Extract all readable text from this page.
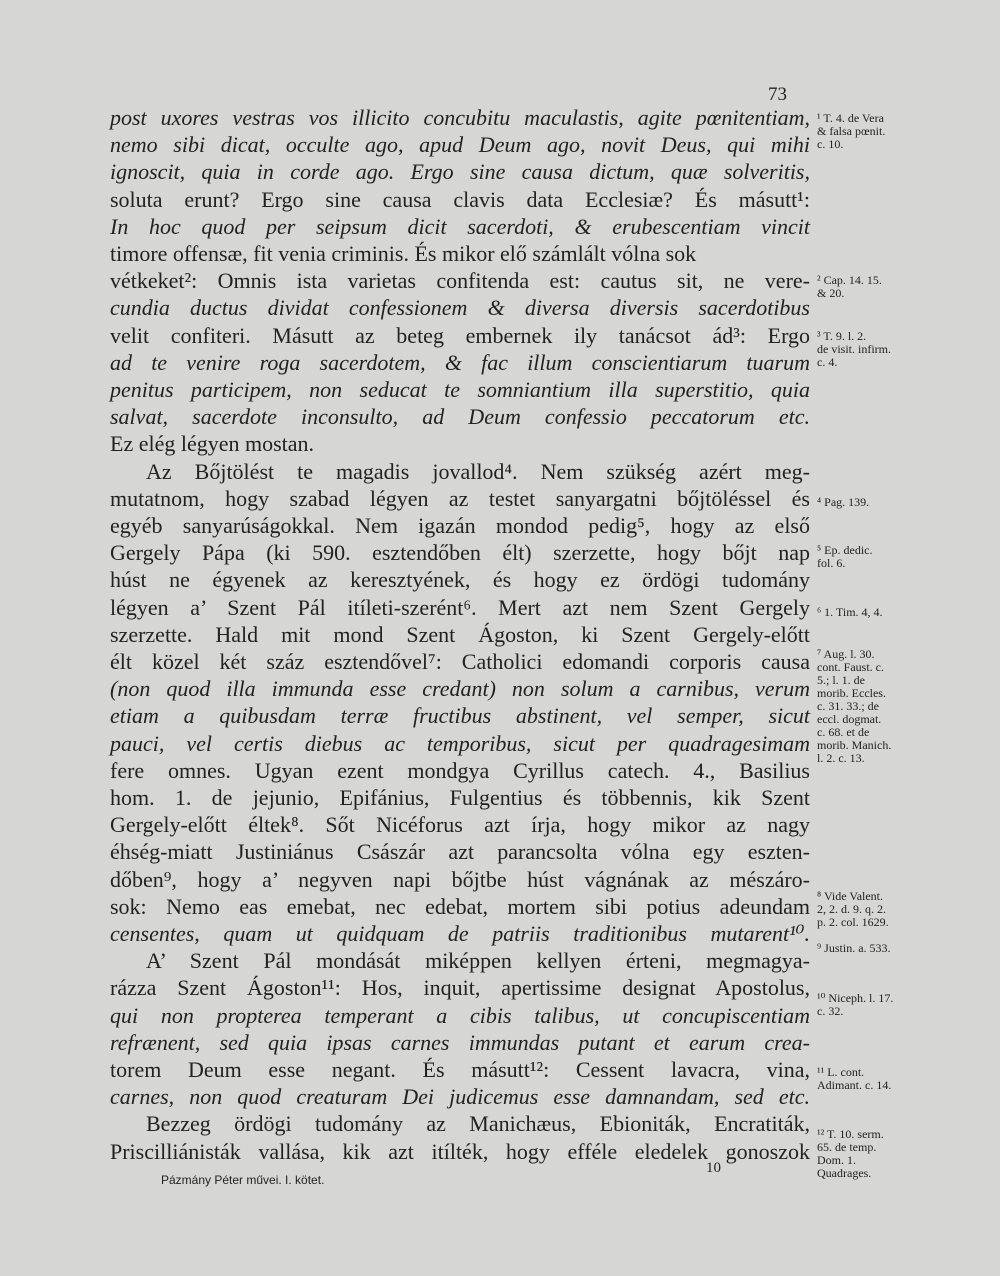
73
post uxores vestras vos illicito concubitu maculastis, agite pœnitentiam,
nemo sibi dicat, occulte ago, apud Deum ago, novit Deus, qui mihi
ignoscit, quia in corde ago. Ergo sine causa dictum, quæ solveritis,
soluta erunt? Ergo sine causa clavis data Ecclesiæ? És másutt¹:
In hoc quod per seipsum dicit sacerdoti, & erubescentiam vincit
timore offensæ, fit venia criminis. És mikor elő számlált vólna sok
vétkeket²: Omnis ista varietas confitenda est: cautus sit, ne vere-
cundia ductus dividat confessionem & diversa diversis sacerdotibus
velit confiteri. Másutt az beteg embernek ily tanácsot ád³: Ergo
ad te venire roga sacerdotem, & fac illum conscientiarum tuarum
penitus participem, non seducat te somniantium illa superstitio, quia
salvat, sacerdote inconsulto, ad Deum confessio peccatorum etc.
Ez elég légyen mostan.
Az Bőjtölést te magadis jovallod⁴. Nem szükség azért meg-
mutatnom, hogy szabad légyen az testet sanyargatni bőjtöléssel és
egyéb sanyarúságokkal. Nem igazán mondod pedig⁵, hogy az első
Gergely Pápa (ki 590. esztendőben élt) szerzette, hogy bőjt nap
húst ne égyenek az keresztyének, és hogy ez ördögi tudomány
légyen a’ Szent Pál itíleti-szerént⁶. Mert azt nem Szent Gergely
szerzette. Hald mit mond Szent Ágoston, ki Szent Gergely-előtt
élt közel két száz esztendővel⁷: Catholici edomandi corporis causa
(non quod illa immunda esse credant) non solum a carnibus, verum
etiam a quibusdam terræ fructibus abstinent, vel semper, sicut
pauci, vel certis diebus ac temporibus, sicut per quadragesimam
fere omnes. Ugyan ezent mondgya Cyrillus catech. 4., Basilius
hom. 1. de jejunio, Epifánius, Fulgentius és többennis, kik Szent
Gergely-előtt éltek⁸. Sőt Nicéforus azt írja, hogy mikor az nagy
éhség-miatt Justiniánus Császár azt parancsolta vólna egy eszten-
dőben⁹, hogy a’ negyven napi bőjtbe húst vágnának az mészáro-
sok: Nemo eas emebat, nec edebat, mortem sibi potius adeundam
censentes, quam ut quidquam de patriis traditionibus mutarent¹⁰.
A’ Szent Pál mondását miképpen kellyen érteni, megmagya-
rázza Szent Ágoston¹¹: Hos, inquit, apertissime designat Apostolus,
qui non propterea temperant a cibis talibus, ut concupiscentiam
refrænent, sed quia ipsas carnes immundas putant et earum crea-
torem Deum esse negant. És másutt¹²: Cessent lavacra, vina,
carnes, non quod creaturam Dei judicemus esse damnandam, sed etc.
Bezzeg ördögi tudomány az Manichæus, Ebioniták, Encratiták,
Priscilliánisták vallása, kik azt itílték, hogy efféle eledelek gonoszok
¹ T. 4. de Vera
& falsa pœnit.
c. 10.
² Cap. 14. 15.
& 20.
³ T. 9. l. 2.
de visit. infirm.
c. 4.
⁴ Pag. 139.
⁵ Ep. dedic.
fol. 6.
⁶ 1. Tim. 4, 4.
⁷ Aug. l. 30.
cont. Faust. c.
5.; l. 1. de
morib. Eccles.
c. 31. 33.; de
eccl. dogmat.
c. 68. et de
morib. Manich.
l. 2. c. 13.
⁸ Vide Valent.
2, 2. d. 9. q. 2.
p. 2. col. 1629.
⁹ Justin. a. 533.
¹⁰ Niceph. l. 17.
c. 32.
¹¹ L. cont.
Adimant. c. 14.
¹² T. 10. serm.
65. de temp.
Dom. 1.
Quadrages.
Pázmány Péter művei. I. kötet.
10
